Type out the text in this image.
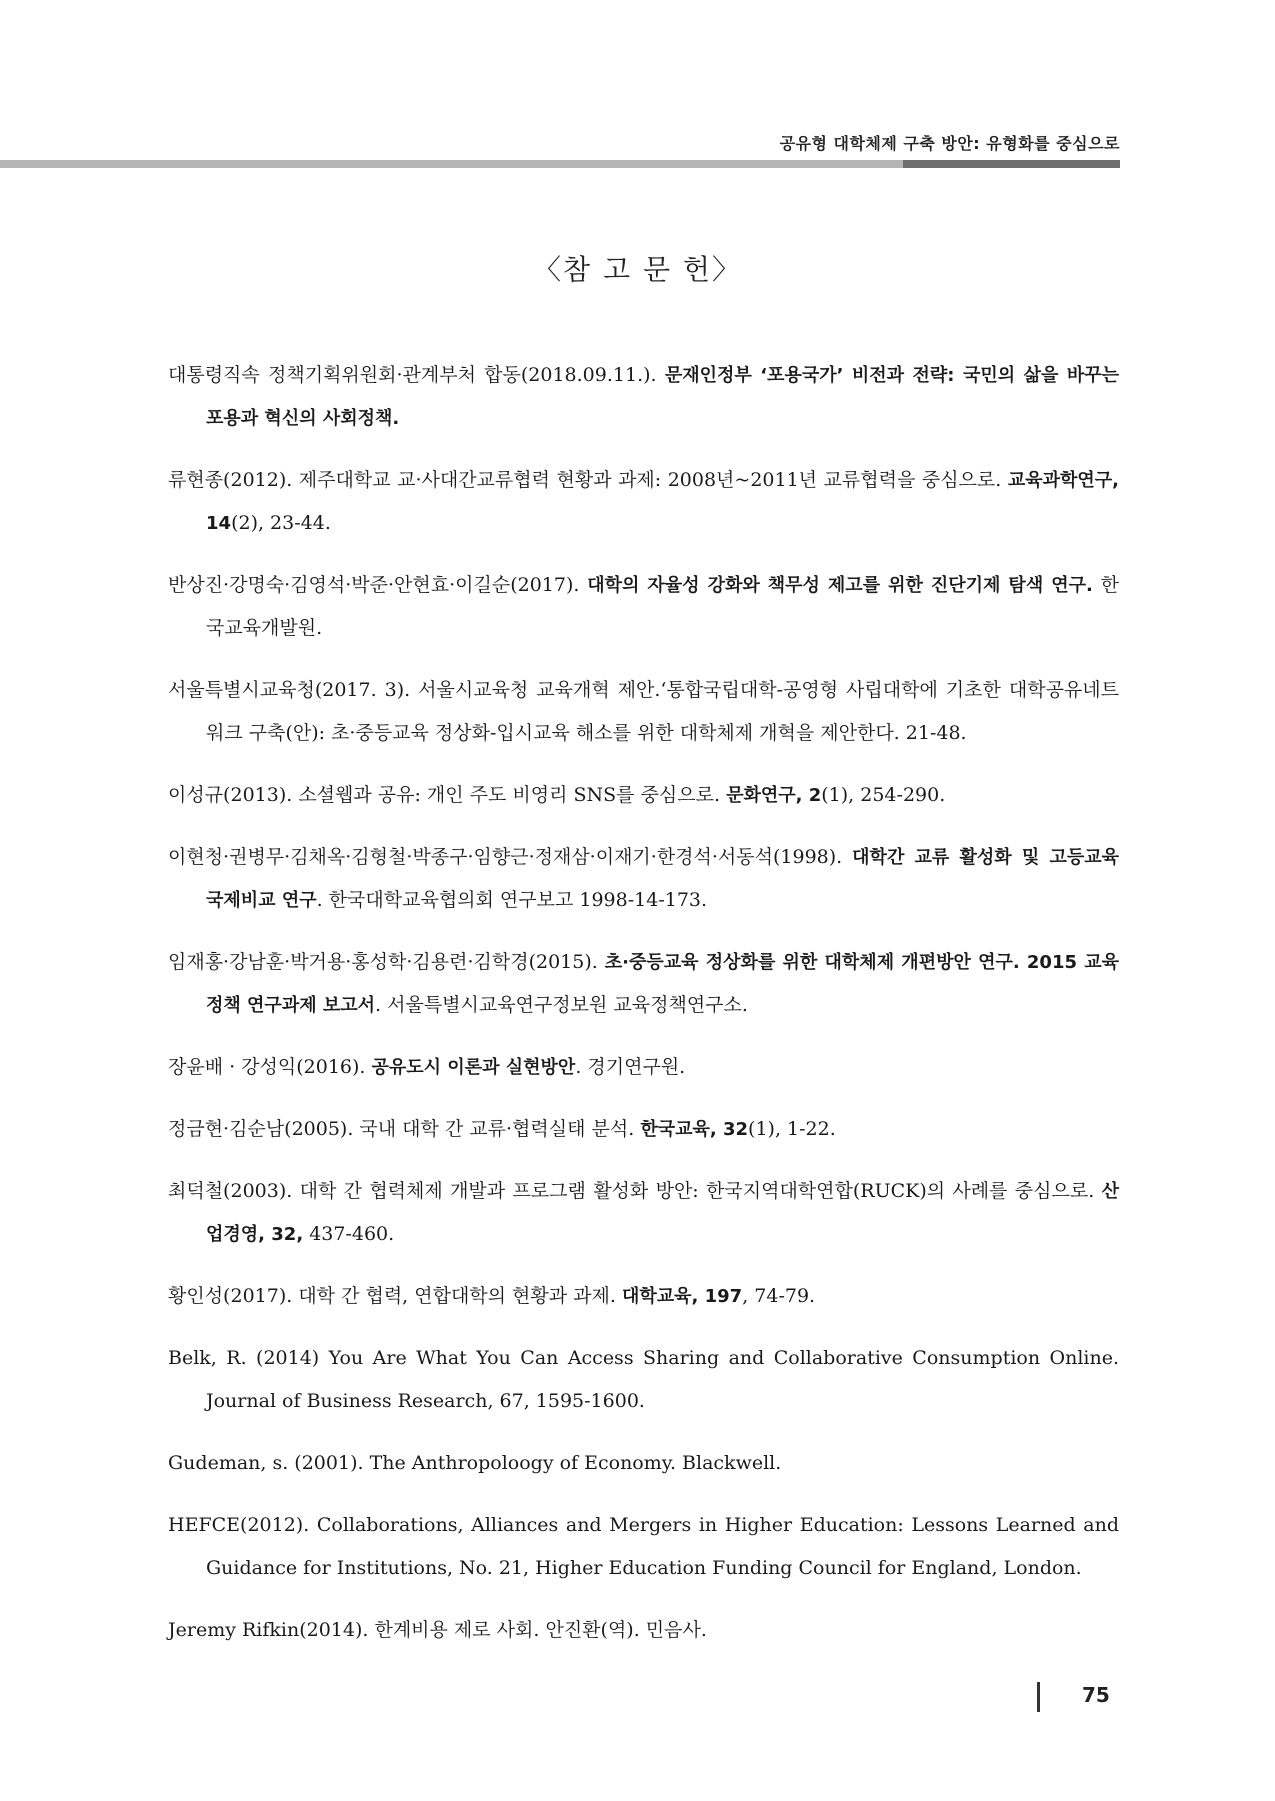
공유형 대학체제 구축 방안: 유형화를 중심으로
〈참 고 문 헌〉
대통령직속 정책기획위원회·관계부처 합동(2018.09.11.). 문재인정부 ‘포용국가’ 비전과 전략: 국민의 삶을 바꾸는 포용과 혁신의 사회정책.
류현종(2012). 제주대학교 교·사대간교류협력 현황과 과제: 2008년~2011년 교류협력을 중심으로. 교육과학연구, 14(2), 23-44.
반상진·강명숙·김영석·박준·안현효·이길순(2017). 대학의 자율성 강화와 책무성 제고를 위한 진단기제 탐색 연구. 한국교육개발원.
서울특별시교육청(2017. 3). 서울시교육청 교육개혁 제안.‘통합국립대학-공영형 사립대학에 기초한 대학공유네트워크 구축(안): 초·중등교육 정상화-입시교육 해소를 위한 대학체제 개혁을 제안한다. 21-48.
이성규(2013). 소셜웹과 공유: 개인 주도 비영리 SNS를 중심으로. 문화연구, 2(1), 254-290.
이현청·권병무·김채옥·김형철·박종구·임향근·정재삼·이재기·한경석·서동석(1998). 대학간 교류 활성화 및 고등교육 국제비교 연구. 한국대학교육협의회 연구보고 1998-14-173.
임재홍·강남훈·박거용·홍성학·김용련·김학경(2015). 초·중등교육 정상화를 위한 대학체제 개편방안 연구. 2015 교육정책 연구과제 보고서. 서울특별시교육연구정보원 교육정책연구소.
장윤배 · 강성익(2016). 공유도시 이론과 실현방안. 경기연구원.
정금현·김순남(2005). 국내 대학 간 교류·협력실태 분석. 한국교육, 32(1), 1-22.
최덕철(2003). 대학 간 협력체제 개발과 프로그램 활성화 방안: 한국지역대학연합(RUCK)의 사례를 중심으로. 산업경영, 32, 437-460.
황인성(2017). 대학 간 협력, 연합대학의 현황과 과제. 대학교육, 197, 74-79.
Belk, R. (2014) You Are What You Can Access Sharing and Collaborative Consumption Online. Journal of Business Research, 67, 1595-1600.
Gudeman, s. (2001). The Anthropoloogy of Economy. Blackwell.
HEFCE(2012). Collaborations, Alliances and Mergers in Higher Education: Lessons Learned and Guidance for Institutions, No. 21, Higher Education Funding Council for England, London.
Jeremy Rifkin(2014). 한계비용 제로 사회. 안진환(역). 민음사.
75
